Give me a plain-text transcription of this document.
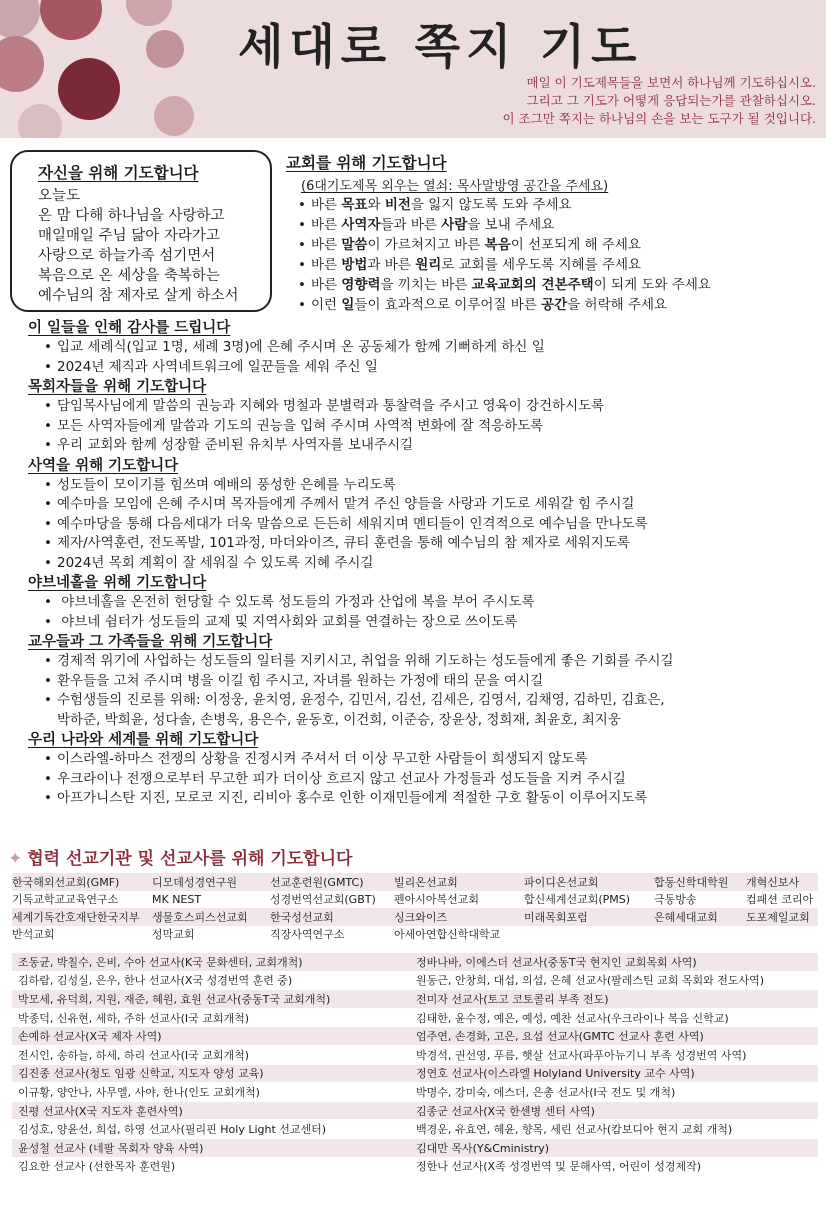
세대로 쪽지 기도
매일 이 기도제목들을 보면서 하나님께 기도하십시오.
그리고 그 기도가 어떻게 응답되는가를 관찰하십시오.
이 조그만 쪽지는 하나님의 손을 보는 도구가 될 것입니다.
자신을 위해 기도합니다

오늘도

온 맘 다해 하나님을 사랑하고

매일매일 주님 닮아 자라가고

사랑으로 하늘가족 섬기면서

복음으로 온 세상을 축복하는

예수님의 참 제자로 살게 하소서

교회를 위해 기도합니다
(6대기도제목 외우는 열쇠: 목사말방영 공간을 주세요)
• 바른 목표와 비전을 잃지 않도록 도와 주세요
• 바른 사역자들과 바른 사람을 보내 주세요
• 바른 말씀이 가르쳐지고 바른 복음이 선포되게 해 주세요
• 바른 방법과 바른 원리로 교회를 세우도록 지혜를 주세요
• 바른 영향력을 끼치는 바른 교육교회의 견본주택이 되게 도와 주세요
• 이런 일들이 효과적으로 이루어질 바른 공간을 허락해 주세요
이 일들을 인해 감사를 드립니다
• 입교 세례식(입교 1명, 세례 3명)에 은혜 주시며 온 공동체가 함께 기뻐하게 하신 일
• 2024년 제직과 사역네트워크에 일꾼들을 세워 주신 일
목회자들을 위해 기도합니다
• 담임목사님에게 말씀의 권능과 지혜와 명철과 분별력과 통찰력을 주시고 영육이 강건하시도록
• 모든 사역자들에게 말씀과 기도의 권능을 입혀 주시며 사역적 변화에 잘 적응하도록
• 우리 교회와 함께 성장할 준비된 유치부 사역자를 보내주시길
사역을 위해 기도합니다
• 성도들이 모이기를 힘쓰며 예배의 풍성한 은혜를 누리도록
• 예수마을 모임에 은혜 주시며 목자들에게 주께서 맡겨 주신 양들을 사랑과 기도로 세워갈 힘 주시길
• 예수마당을 통해 다음세대가 더욱 말씀으로 든든히 세워지며 멘티들이 인격적으로 예수님을 만나도록
• 제자/사역훈련, 전도폭발, 101과정, 마더와이즈, 큐티 훈련을 통해 예수님의 참 제자로 세워지도록
• 2024년 목회 계획이 잘 세워질 수 있도록 지혜 주시길
야브네홀을 위해 기도합니다
• 야브네홀을 온전히 헌당할 수 있도록 성도들의 가정과 산업에 복을 부어 주시도록
• 야브네 쉼터가 성도들의 교제 및 지역사회와 교회를 연결하는 장으로 쓰이도록
교우들과 그 가족들을 위해 기도합니다
• 경제적 위기에 사업하는 성도들의 일터를 지키시고, 취업을 위해 기도하는 성도들에게 좋은 기회를 주시길
• 환우들을 고쳐 주시며 병을 이길 힘 주시고, 자녀를 원하는 가정에 태의 문을 여시길
• 수험생들의 진로를 위해: 이정웅, 윤치영, 윤정수, 김민서, 김선, 김세은, 김영서, 김채영, 김하민, 김효은,
박하준, 박희윤, 성다솔, 손병욱, 용은수, 윤동호, 이건희, 이준승, 장윤상, 정희재, 최윤호, 최지웅
우리 나라와 세계를 위해 기도합니다
• 이스라엘-하마스 전쟁의 상황을 진정시켜 주셔서 더 이상 무고한 사람들이 희생되지 않도록
• 우크라이나 전쟁으로부터 무고한 피가 더이상 흐르지 않고 선교사 가정들과 성도들을 지켜 주시길
• 아프가니스탄 지진, 모로코 지진, 리비아 홍수로 인한 이재민들에게 적절한 구호 활동이 이루어지도록
✦ 협력 선교기관 및 선교사를 위해 기도합니다
한국해외선교회(GMF)	디모데성경연구원	선교훈련원(GMTC)	빌리온선교회	파이디온선교회	합동신학대학원	개혁신보사
기독교학교교육연구소	MK NEST	성경번역선교회(GBT)	펜아시아복선교회	합신세계선교회(PMS)	극동방송	컴패션 코리아
세계기독간호재단한국지부	생물호스피스선교회	한국성선교회	싱크와이즈	미래목회포럼	은혜세대교회	도포제일교회
반석교회	성막교회	직장사역연구소	아세아연합신학대학교
조동균, 박칠수, 은비, 수아 선교사(K국 문화센터, 교회개척)	정바나바, 이에스더 선교사(중동T국 현지인 교회목회 사역)
김하람, 김성실, 은우, 한나 선교사(X국 성경번역 훈련 중)	원동근, 안창희, 대섭, 의섭, 은혜 선교사(팔레스틴 교회 목회와 전도사역)
박모세, 유덕희, 지원, 재준, 혜원, 효원 선교사(중동T국 교회개척)	전미자 선교사(토고 코토콜리 부족 전도)
박종덕, 신유현, 세하, 주하 선교사(I국 교회개척)	김태한, 윤수정, 예은, 예성, 예찬 선교사(우크라이나 복음 신학교)
손예하 선교사(X국 제자 사역)	엄주연, 손경화, 고은, 요섭 선교사(GMTC 선교사 훈련 사역)
전시인, 송하늘, 하세, 하리 선교사(I국 교회개척)	박경석, 권선영, 푸름, 햇살 선교사(파푸아뉴기니 부족 성경번역 사역)
김진종 선교사(청도 임광 신학교, 지도자 양성 교육)	정연호 선교사(이스라엘 Holyland University 교수 사역)
이규황, 양안나, 사무엘, 사야, 한나(인도 교회개척)	박명수, 강미숙, 에스더, 은총 선교사(I국 전도 및 개척)
진평 선교사(X국 지도자 훈련사역)	김종군 선교사(X국 한센병 센터 사역)
김성호, 양윤선, 희섭, 하영 선교사(필리핀 Holy Light 선교센터)	백경운, 유효연, 혜윤, 향목, 세린 선교사(캄보디아 현지 교회 개척)
윤성철 선교사 (네팔 목회자 양육 사역)	김대만 목사(Y&Cministry)
김요한 선교사 (선한목자 훈련원)	정한나 선교사(X족 성경번역 및 문해사역, 어린이 성경제작)
